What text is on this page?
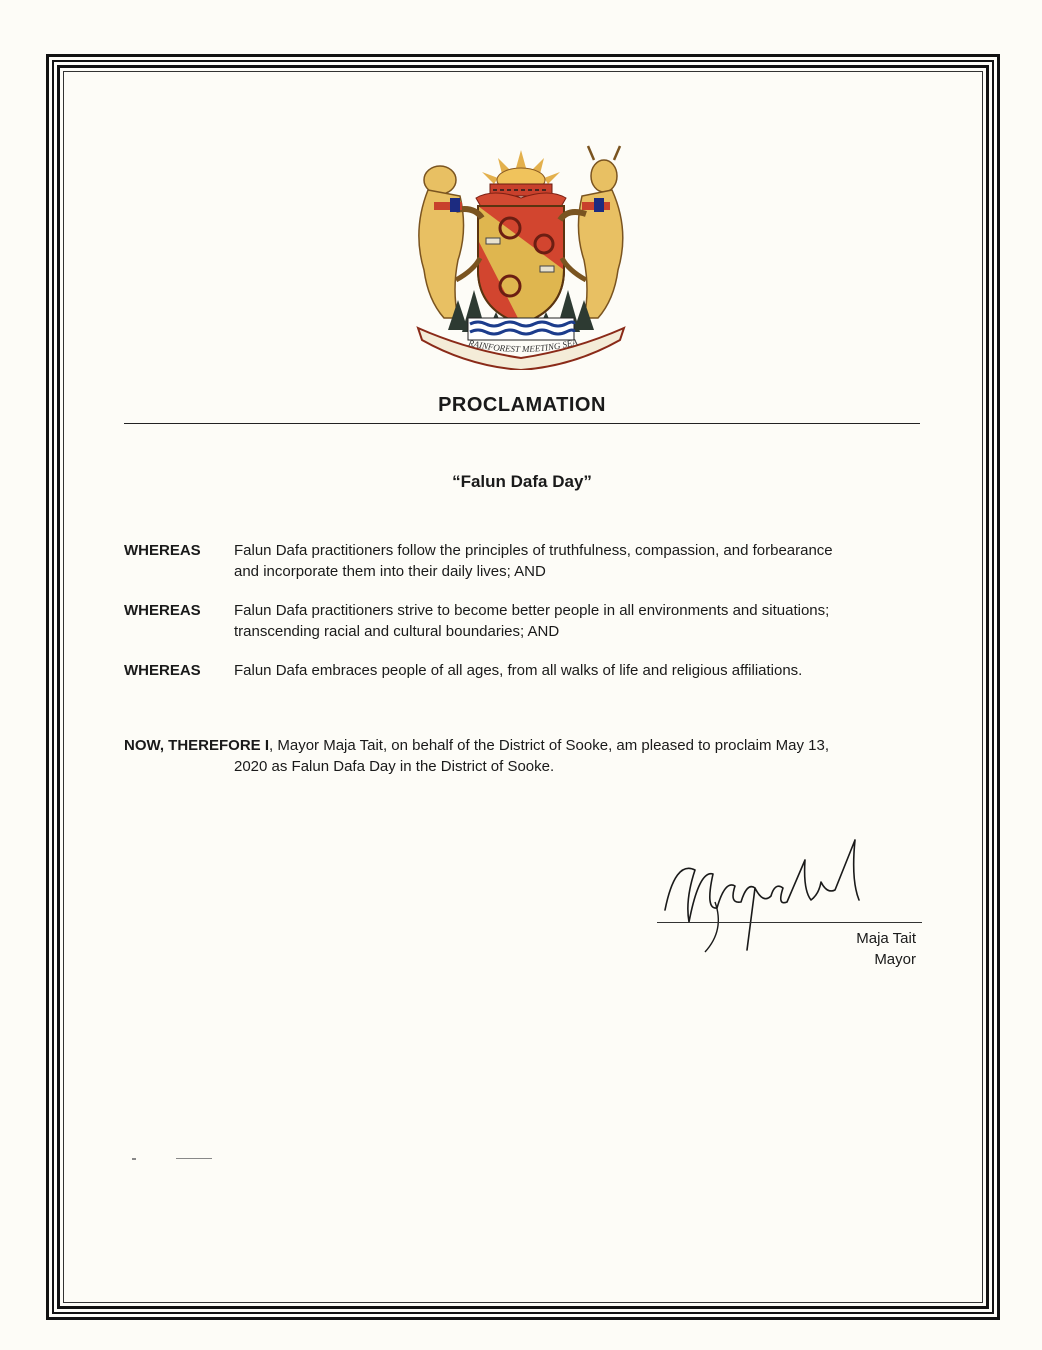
RAINFOREST MEETING SEA
PROCLAMATION
“Falun Dafa Day”
WHEREAS Falun Dafa practitioners follow the principles of truthfulness, compassion, and forbearance
and incorporate them into their daily lives; AND
WHEREAS Falun Dafa practitioners strive to become better people in all environments and situations;
transcending racial and cultural boundaries; AND
WHEREAS Falun Dafa embraces people of all ages, from all walks of life and religious affiliations.
NOW, THEREFORE I, Mayor Maja Tait, on behalf of the District of Sooke, am pleased to proclaim May 13,
2020 as Falun Dafa Day in the District of Sooke.
Maja Tait
Mayor
